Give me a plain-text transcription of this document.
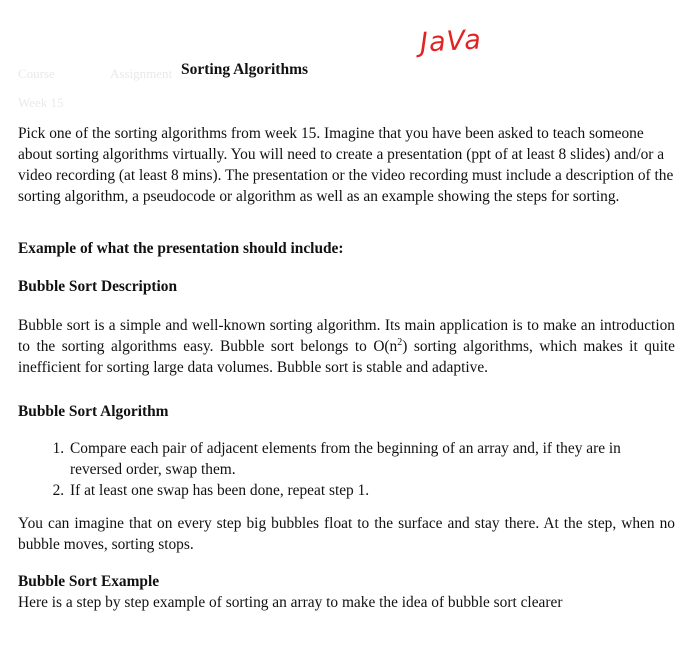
JaVa
Course	Assignment
Week 15
Sorting Algorithms

Pick one of the sorting algorithms from week 15. Imagine that you have been asked to teach someone about sorting algorithms virtually. You will need to create a presentation (ppt of at least 8 slides) and/or a video recording (at least 8 mins). The presentation or the video recording must include a description of the sorting algorithm, a pseudocode or algorithm as well as an example showing the steps for sorting.

Example of what the presentation should include:

Bubble Sort Description

Bubble sort is a simple and well-known sorting algorithm. Its main application is to make an introduction to the sorting algorithms easy. Bubble sort belongs to $O(n^2)$ sorting algorithms, which makes it quite inefficient for sorting large data volumes. Bubble sort is stable and adaptive.

Bubble Sort Algorithm

1. Compare each pair of adjacent elements from the beginning of an array and, if they are in reversed order, swap them.
2. If at least one swap has been done, repeat step 1.

You can imagine that on every step big bubbles float to the surface and stay there. At the step, when no bubble moves, sorting stops.

Bubble Sort Example

Here is a step by step example of sorting an array to make the idea of bubble sort clearer
